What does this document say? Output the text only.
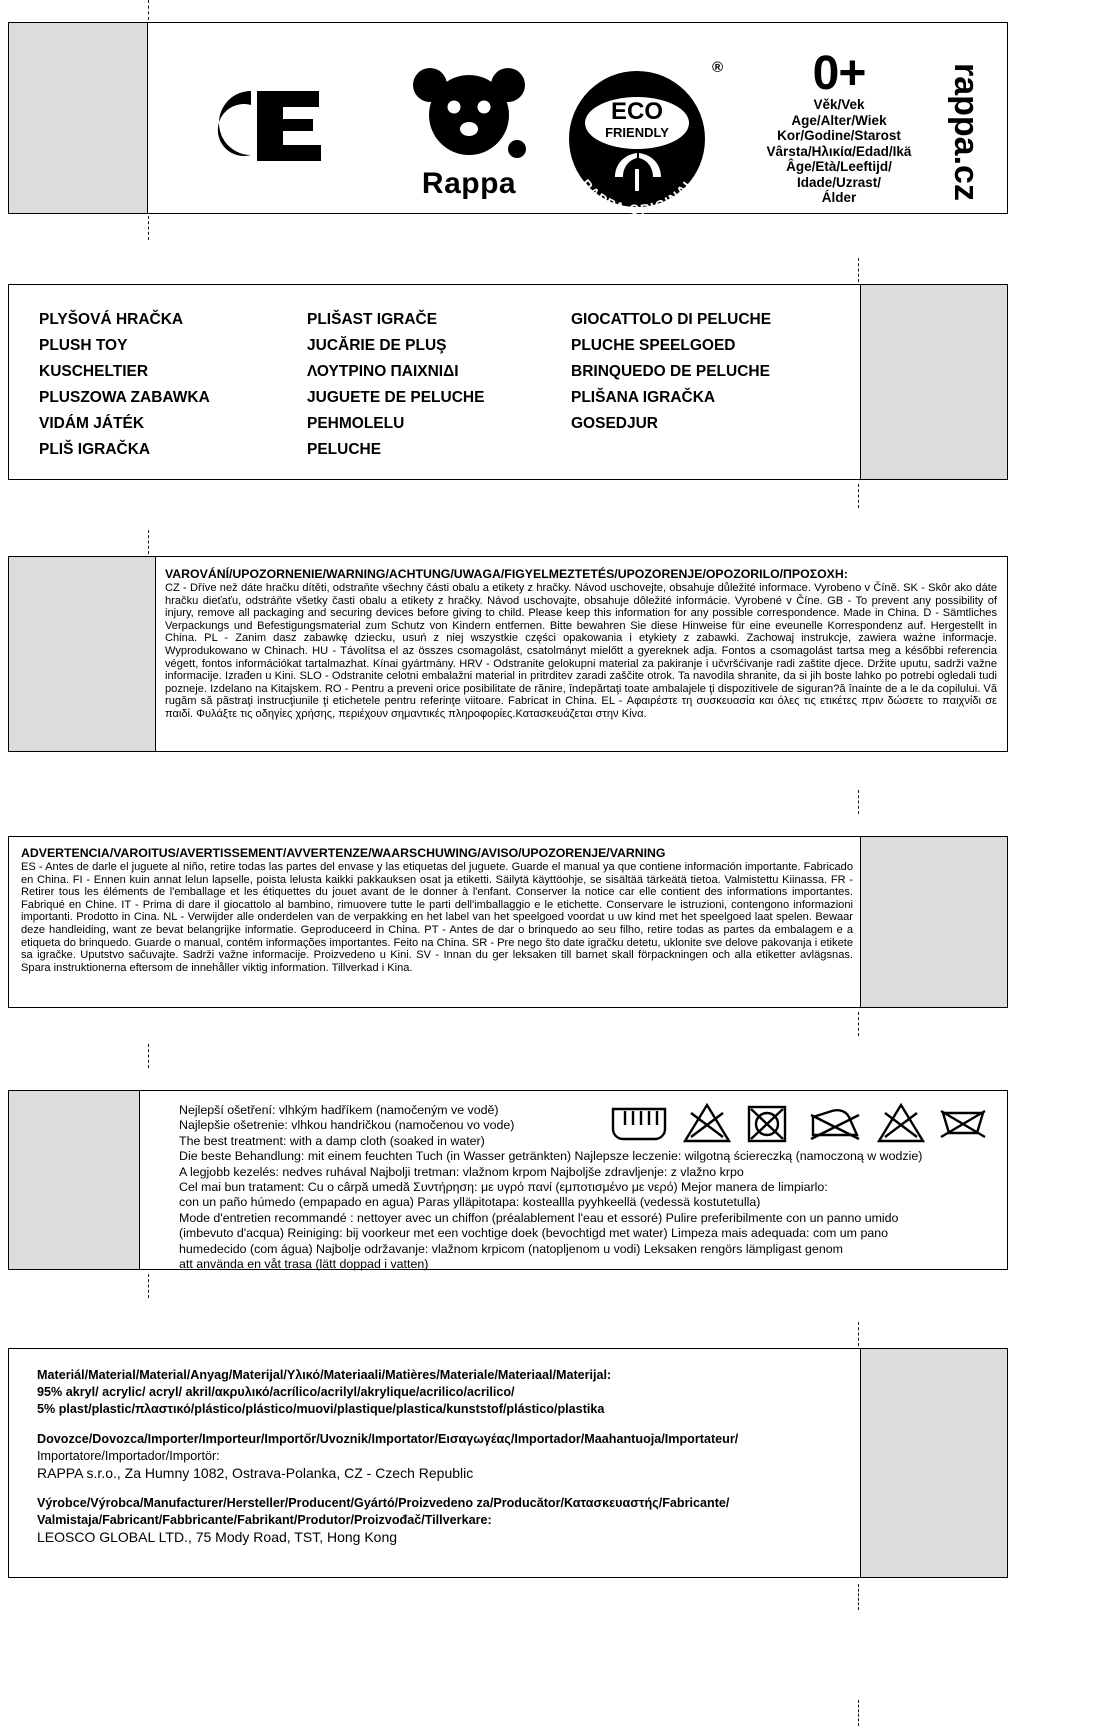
Rappa
ECO
FRIENDLY
RAPPA ORIGINAL
®	0+
Věk/Vek
Age/Alter/Wiek
Kor/Godine/Starost
Vârsta/Ηλικία/Edad/Ikä
Âge/Età/Leeftijd/
Idade/Uzrast/
Álder	rappa.cz
PLYŠOVÁ HRAČKA
PLUSH TOY
KUSCHELTIER
PLUSZOWA ZABAWKA
VIDÁM JÁTÉK
PLIŠ IGRAČKA
PLIŠAST IGRAČE
JUCĂRIE DE PLUŞ
ΛΟΥΤΡΙΝΟ ΠΑΙΧΝΙΔΙ
JUGUETE DE PELUCHE
PEHMOLELU
PELUCHE
GIOCATTOLO DI PELUCHE
PLUCHE SPEELGOED
BRINQUEDO DE PELUCHE
PLIŠANA IGRAČKA
GOSEDJUR
VAROVÁNÍ/UPOZORNENIE/WARNING/ACHTUNG/UWAGA/FIGYELMEZTETÉS/UPOZORENJE/OPOZORILO/ΠΡΟΣΟΧΗ:
CZ - Dříve než dáte hračku dítěti, odstraňte všechny části obalu a etikety z hračky. Návod uschovejte, obsahuje důležité informace. Vyrobeno v Číně. SK - Skôr ako dáte hračku dieťaťu, odstráňte všetky časti obalu a etikety z hračky. Návod uschovajte, obsahuje dôležité informácie. Vyrobené v Číne. GB - To prevent any possibility of injury, remove all packaging and securing devices before giving to child. Please keep this information for any possible correspondence. Made in China. D - Sämtliches Verpackungs und Befestigungsmaterial zum Schutz von Kindern entfernen. Bitte bewahren Sie diese Hinweise für eine eveunelle Korrespondenz auf. Hergestellt in China. PL - Zanim dasz zabawkę dziecku, usuń z niej wszystkie części opakowania i etykiety z zabawki. Zachowaj instrukcje, zawiera ważne informacje. Wyprodukowano w Chinach. HU - Távolítsa el az összes csomagolást, csatolmányt mielőtt a gyereknek adja. Fontos a csomagolást tartsa meg a későbbi referencia végett, fontos információkat tartalmazhat. Kínai gyártmány. HRV - Odstranite gelokupni material za pakiranje i učvršćivanje radi zaštite djece. Držite uputu, sadrži važne informacije. Izrađen u Kini. SLO - Odstranite celotni embalažni material in pritrditev zaradi zaščite otrok. Ta navodila shranite, da si jih boste lahko po potrebi ogledali tudi pozneje. Izdelano na Kitajskem. RO - Pentru a preveni orice posibilitate de rănire, îndepărtaţi toate ambalajele ţi dispozitivele de siguran?ă înainte de a le da copilului. Vă rugăm să păstraţi instrucţiunile ţi etichetele pentru referinţe viitoare. Fabricat in China. EL - Αφαιρέστε τη συσκευασία και όλες τις ετικέτες πριν δώσετε το παιχνίδι σε παιδί. Φυλάξτε τις οδηγίες χρήσης, περιέχουν σημαντικές πληροφορίες.Κατασκευάζεται στην Κίνα.
ADVERTENCIA/VAROITUS/AVERTISSEMENT/AVVERTENZE/WAARSCHUWING/AVISO/UPOZORENJE/VARNING
ES - Antes de darle el juguete al niño, retire todas las partes del envase y las etiquetas del juguete. Guarde el manual ya que contiene información importante. Fabricado en China. FI - Ennen kuin annat lelun lapselle, poista lelusta kaikki pakkauksen osat ja etiketti. Säilytä käyttöohje, se sisältää tärkeätä tietoa. Valmistettu Kiinassa. FR - Retirer tous les éléments de l'emballage et les étiquettes du jouet avant de le donner à l'enfant. Conserver la notice car elle contient des informations importantes. Fabriqué en Chine. IT - Prima di dare il giocattolo al bambino, rimuovere tutte le parti dell'imballaggio e le etichette. Conservare le istruzioni, contengono informazioni importanti. Prodotto in Cina. NL - Verwijder alle onderdelen van de verpakking en het label van het speelgoed voordat u uw kind met het speelgoed laat spelen. Bewaar deze handleiding, want ze bevat belangrijke informatie. Geproduceerd in China. PT - Antes de dar o brinquedo ao seu filho, retire todas as partes da embalagem e a etiqueta do brinquedo. Guarde o manual, contém informações importantes. Feito na China. SR - Pre nego što date igračku detetu, uklonite sve delove pakovanja i etikete sa igračke. Uputstvo sačuvajte. Sadrži važne informacije. Proizvedeno u Kini. SV - Innan du ger leksaken till barnet skall förpackningen och alla etiketter avlägsnas. Spara instruktionerna eftersom de innehåller viktig information. Tillverkad i Kina.
Nejlepší ošetření: vlhkým hadříkem (namočeným ve vodě)
Najlepšie ošetrenie: vlhkou handričkou (namočenou vo vode)
The best treatment: with a damp cloth (soaked in water)
Die beste Behandlung: mit einem feuchten Tuch (in Wasser getränkten) Najlepsze leczenie: wilgotną ściereczką (namoczoną w wodzie)
A legjobb kezelés: nedves ruhával Najbolji tretman: vlažnom krpom Najboljše zdravljenje: z vlažno krpo
Cel mai bun tratament: Cu o cârpă umedă Συντήρηση: με υγρό πανί (εμποτισμένο με νερό) Mejor manera de limpiarlo:
con un paño húmedo (empapado en agua) Paras ylläpitotapa: kosteallla pyyhkeellä (vedessä kostutetulla)
Mode d'entretien recommandé : nettoyer avec un chiffon (préalablement l'eau et essoré) Pulire preferibilmente con un panno umido
(imbevuto d'acqua) Reiniging: bij voorkeur met een vochtige doek (bevochtigd met water) Limpeza mais adequada: com um pano
humedecido (com água) Najbolje održavanje: vlažnom krpicom (natopljenom u vodi) Leksaken rengörs lämpligast genom
att använda en våt trasa (lätt doppad i vatten)
Materiál/Material/Material/Anyag/Materijal/Υλικό/Materiaali/Matières/Materiale/Materiaal/Materijal:
95% akryl/ acrylic/ acryl/ akril/ακρυλικό/acrílico/acrilyl/akrylique/acrilico/acrilico/
5% plast/plastic/πλαστικό/plástico/plástico/muovi/plastique/plastica/kunststof/plástico/plastika
Dovozce/Dovozca/Importer/Importeur/Importőr/Uvoznik/Importator/Εισαγωγέας/Importador/Maahantuoja/Importateur/
Importatore/Importador/Importör:
RAPPA s.r.o., Za Humny 1082, Ostrava-Polanka, CZ - Czech Republic
Výrobce/Výrobca/Manufacturer/Hersteller/Producent/Gyártó/Proizvedeno za/Producător/Κατασκευαστής/Fabricante/
Valmistaja/Fabricant/Fabbricante/Fabrikant/Produtor/Proizvođač/Tillverkare:
LEOSCO GLOBAL LTD., 75 Mody Road, TST, Hong Kong
